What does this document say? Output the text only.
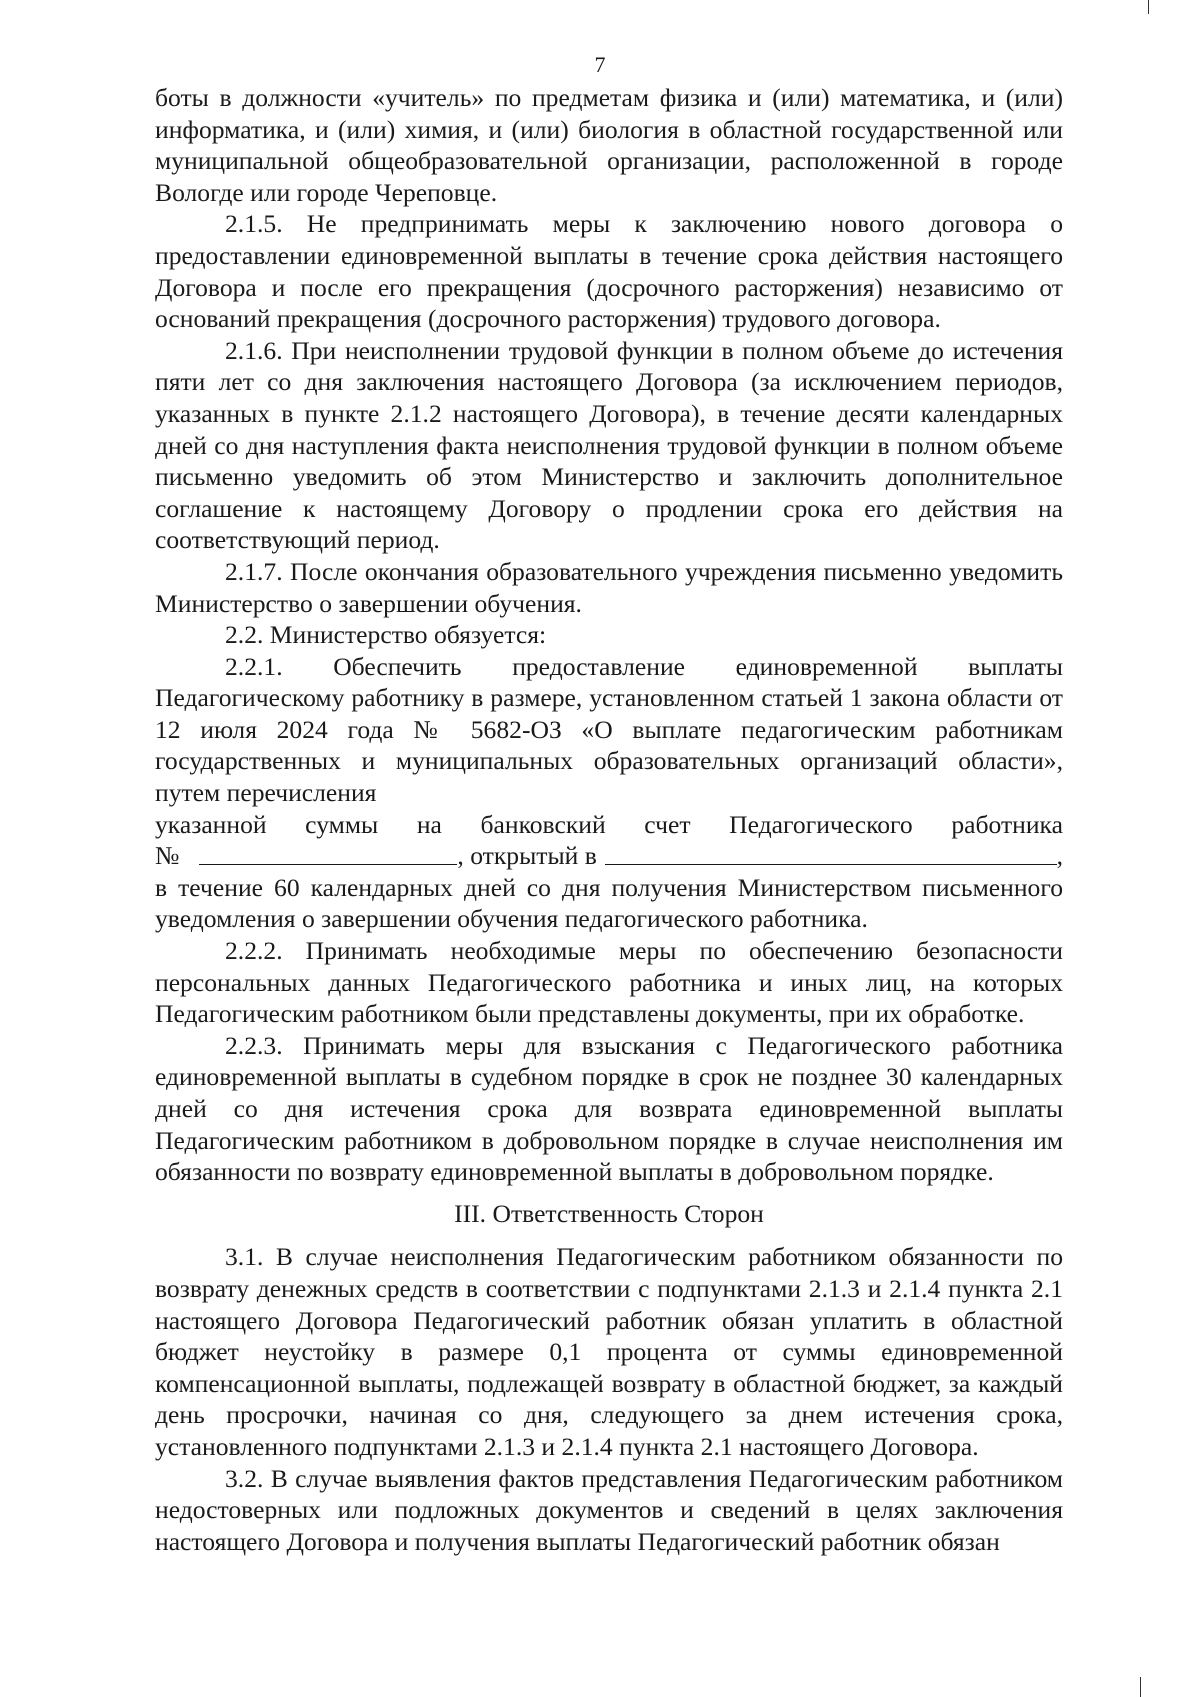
7

боты в должности «учитель» по предметам физика и (или) математика, и (или) информатика, и (или) химия, и (или) биология в областной государственной или муниципальной общеобразовательной организации, расположенной в городе Вологде или городе Череповце.

2.1.5. Не предпринимать меры к заключению нового договора о предоставлении единовременной выплаты в течение срока действия настоящего Договора и после его прекращения (досрочного расторжения) независимо от оснований прекращения (досрочного расторжения) трудового договора.

2.1.6. При неисполнении трудовой функции в полном объеме до истечения пяти лет со дня заключения настоящего Договора (за исключением периодов, указанных в пункте 2.1.2 настоящего Договора), в течение десяти календарных дней со дня наступления факта неисполнения трудовой функции в полном объеме письменно уведомить об этом Министерство и заключить дополнительное соглашение к настоящему Договору о продлении срока его действия на соответствующий период.

2.1.7. После окончания образовательного учреждения письменно уведомить Министерство о завершении обучения.

2.2. Министерство обязуется:

2.2.1. Обеспечить предоставление единовременной выплаты Педагогическому работнику в размере, установленном статьей 1 закона области от 12 июля 2024 года № 5682-ОЗ «О выплате педагогическим работникам государственных и муниципальных образовательных организаций области», путем перечисления

указанной суммы на банковский счет Педагогического работника
№	, открытый в	,

в течение 60 календарных дней со дня получения Министерством письменного уведомления о завершении обучения педагогического работника.

2.2.2. Принимать необходимые меры по обеспечению безопасности персональных данных Педагогического работника и иных лиц, на которых Педагогическим работником были представлены документы, при их обработке.

2.2.3. Принимать меры для взыскания с Педагогического работника единовременной выплаты в судебном порядке в срок не позднее 30 календарных дней со дня истечения срока для возврата единовременной выплаты Педагогическим работником в добровольном порядке в случае неисполнения им обязанности по возврату единовременной выплаты в добровольном порядке.

III. Ответственность Сторон

3.1. В случае неисполнения Педагогическим работником обязанности по возврату денежных средств в соответствии с подпунктами 2.1.3 и 2.1.4 пункта 2.1 настоящего Договора Педагогический работник обязан уплатить в областной бюджет неустойку в размере 0,1 процента от суммы единовременной компенсационной выплаты, подлежащей возврату в областной бюджет, за каждый день просрочки, начиная со дня, следующего за днем истечения срока, установленного подпунктами 2.1.3 и 2.1.4 пункта 2.1 настоящего Договора.

3.2. В случае выявления фактов представления Педагогическим работником недостоверных или подложных документов и сведений в целях заключения настоящего Договора и получения выплаты Педагогический работник обязан
